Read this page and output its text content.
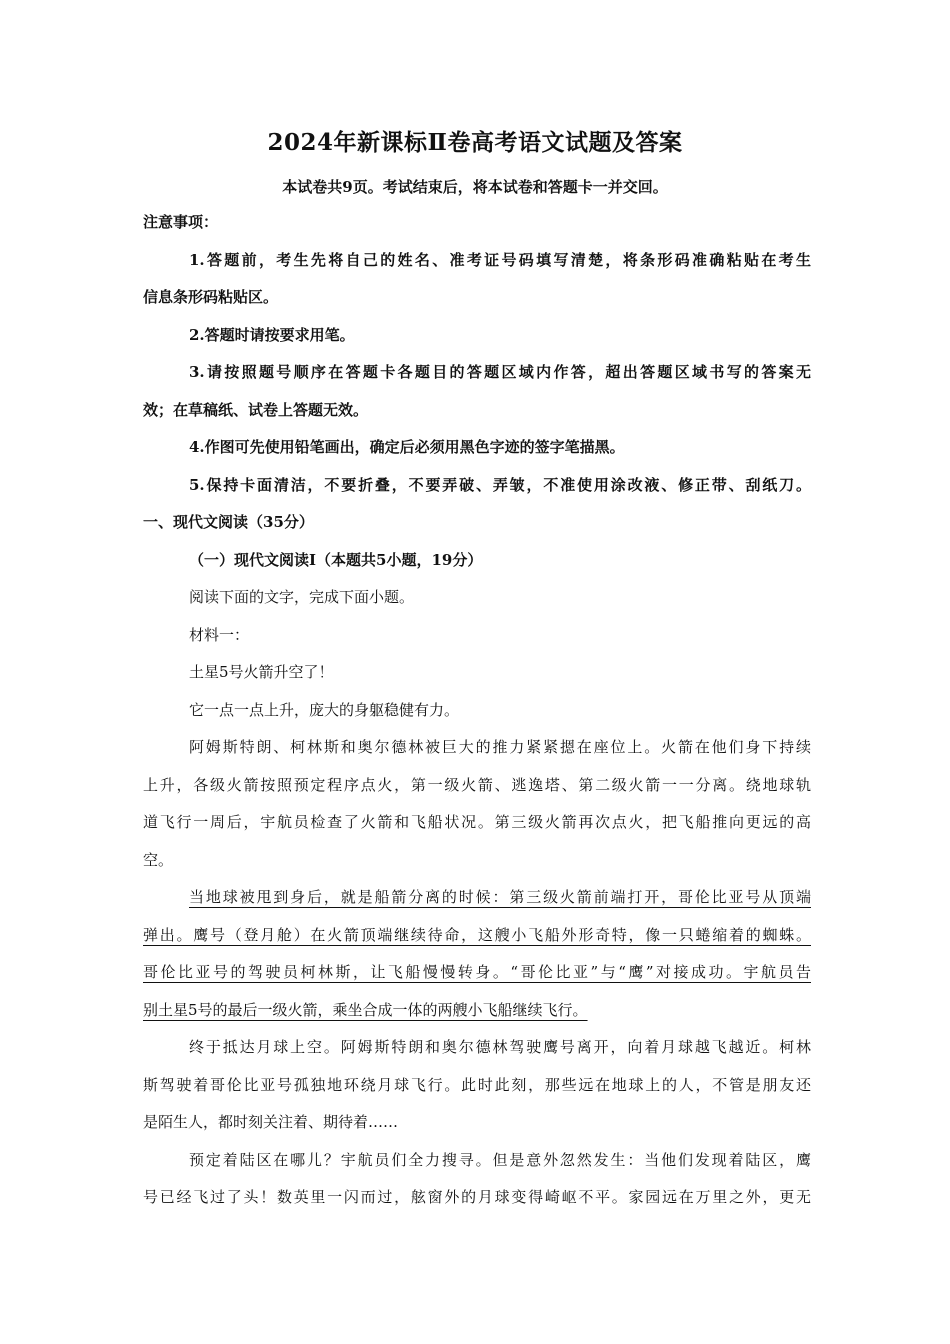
2024年新课标Ⅱ卷高考语文试题及答案
本试卷共9页。考试结束后，将本试卷和答题卡一并交回。
注意事项：
1.答题前，考生先将自己的姓名、准考证号码填写清楚，将条形码准确粘贴在考生
信息条形码粘贴区。
2.答题时请按要求用笔。
3.请按照题号顺序在答题卡各题目的答题区域内作答，超出答题区域书写的答案无
效；在草稿纸、试卷上答题无效。
4.作图可先使用铅笔画出，确定后必须用黑色字迹的签字笔描黑。
5.保持卡面清洁，不要折叠，不要弄破、弄皱，不准使用涂改液、修正带、刮纸刀。
一、现代文阅读（35分）
（一）现代文阅读Ⅰ（本题共5小题，19分）
阅读下面的文字，完成下面小题。
材料一：
土星5号火箭升空了！
它一点一点上升，庞大的身躯稳健有力。
阿姆斯特朗、柯林斯和奥尔德林被巨大的推力紧紧摁在座位上。火箭在他们身下持续
上升，各级火箭按照预定程序点火，第一级火箭、逃逸塔、第二级火箭一一分离。绕地球轨
道飞行一周后，宇航员检查了火箭和飞船状况。第三级火箭再次点火，把飞船推向更远的高
空。
当地球被甩到身后，就是船箭分离的时候：第三级火箭前端打开，哥伦比亚号从顶端
弹出。鹰号（登月舱）在火箭顶端继续待命，这艘小飞船外形奇特，像一只蜷缩着的蜘蛛。
哥伦比亚号的驾驶员柯林斯，让飞船慢慢转身。“哥伦比亚”与“鹰”对接成功。宇航员告
别土星5号的最后一级火箭，乘坐合成一体的两艘小飞船继续飞行。
终于抵达月球上空。阿姆斯特朗和奥尔德林驾驶鹰号离开，向着月球越飞越近。柯林
斯驾驶着哥伦比亚号孤独地环绕月球飞行。此时此刻，那些远在地球上的人，不管是朋友还
是陌生人，都时刻关注着、期待着……
预定着陆区在哪儿？宇航员们全力搜寻。但是意外忽然发生：当他们发现着陆区，鹰
号已经飞过了头！数英里一闪而过，舷窗外的月球变得崎岖不平。家园远在万里之外，更无
